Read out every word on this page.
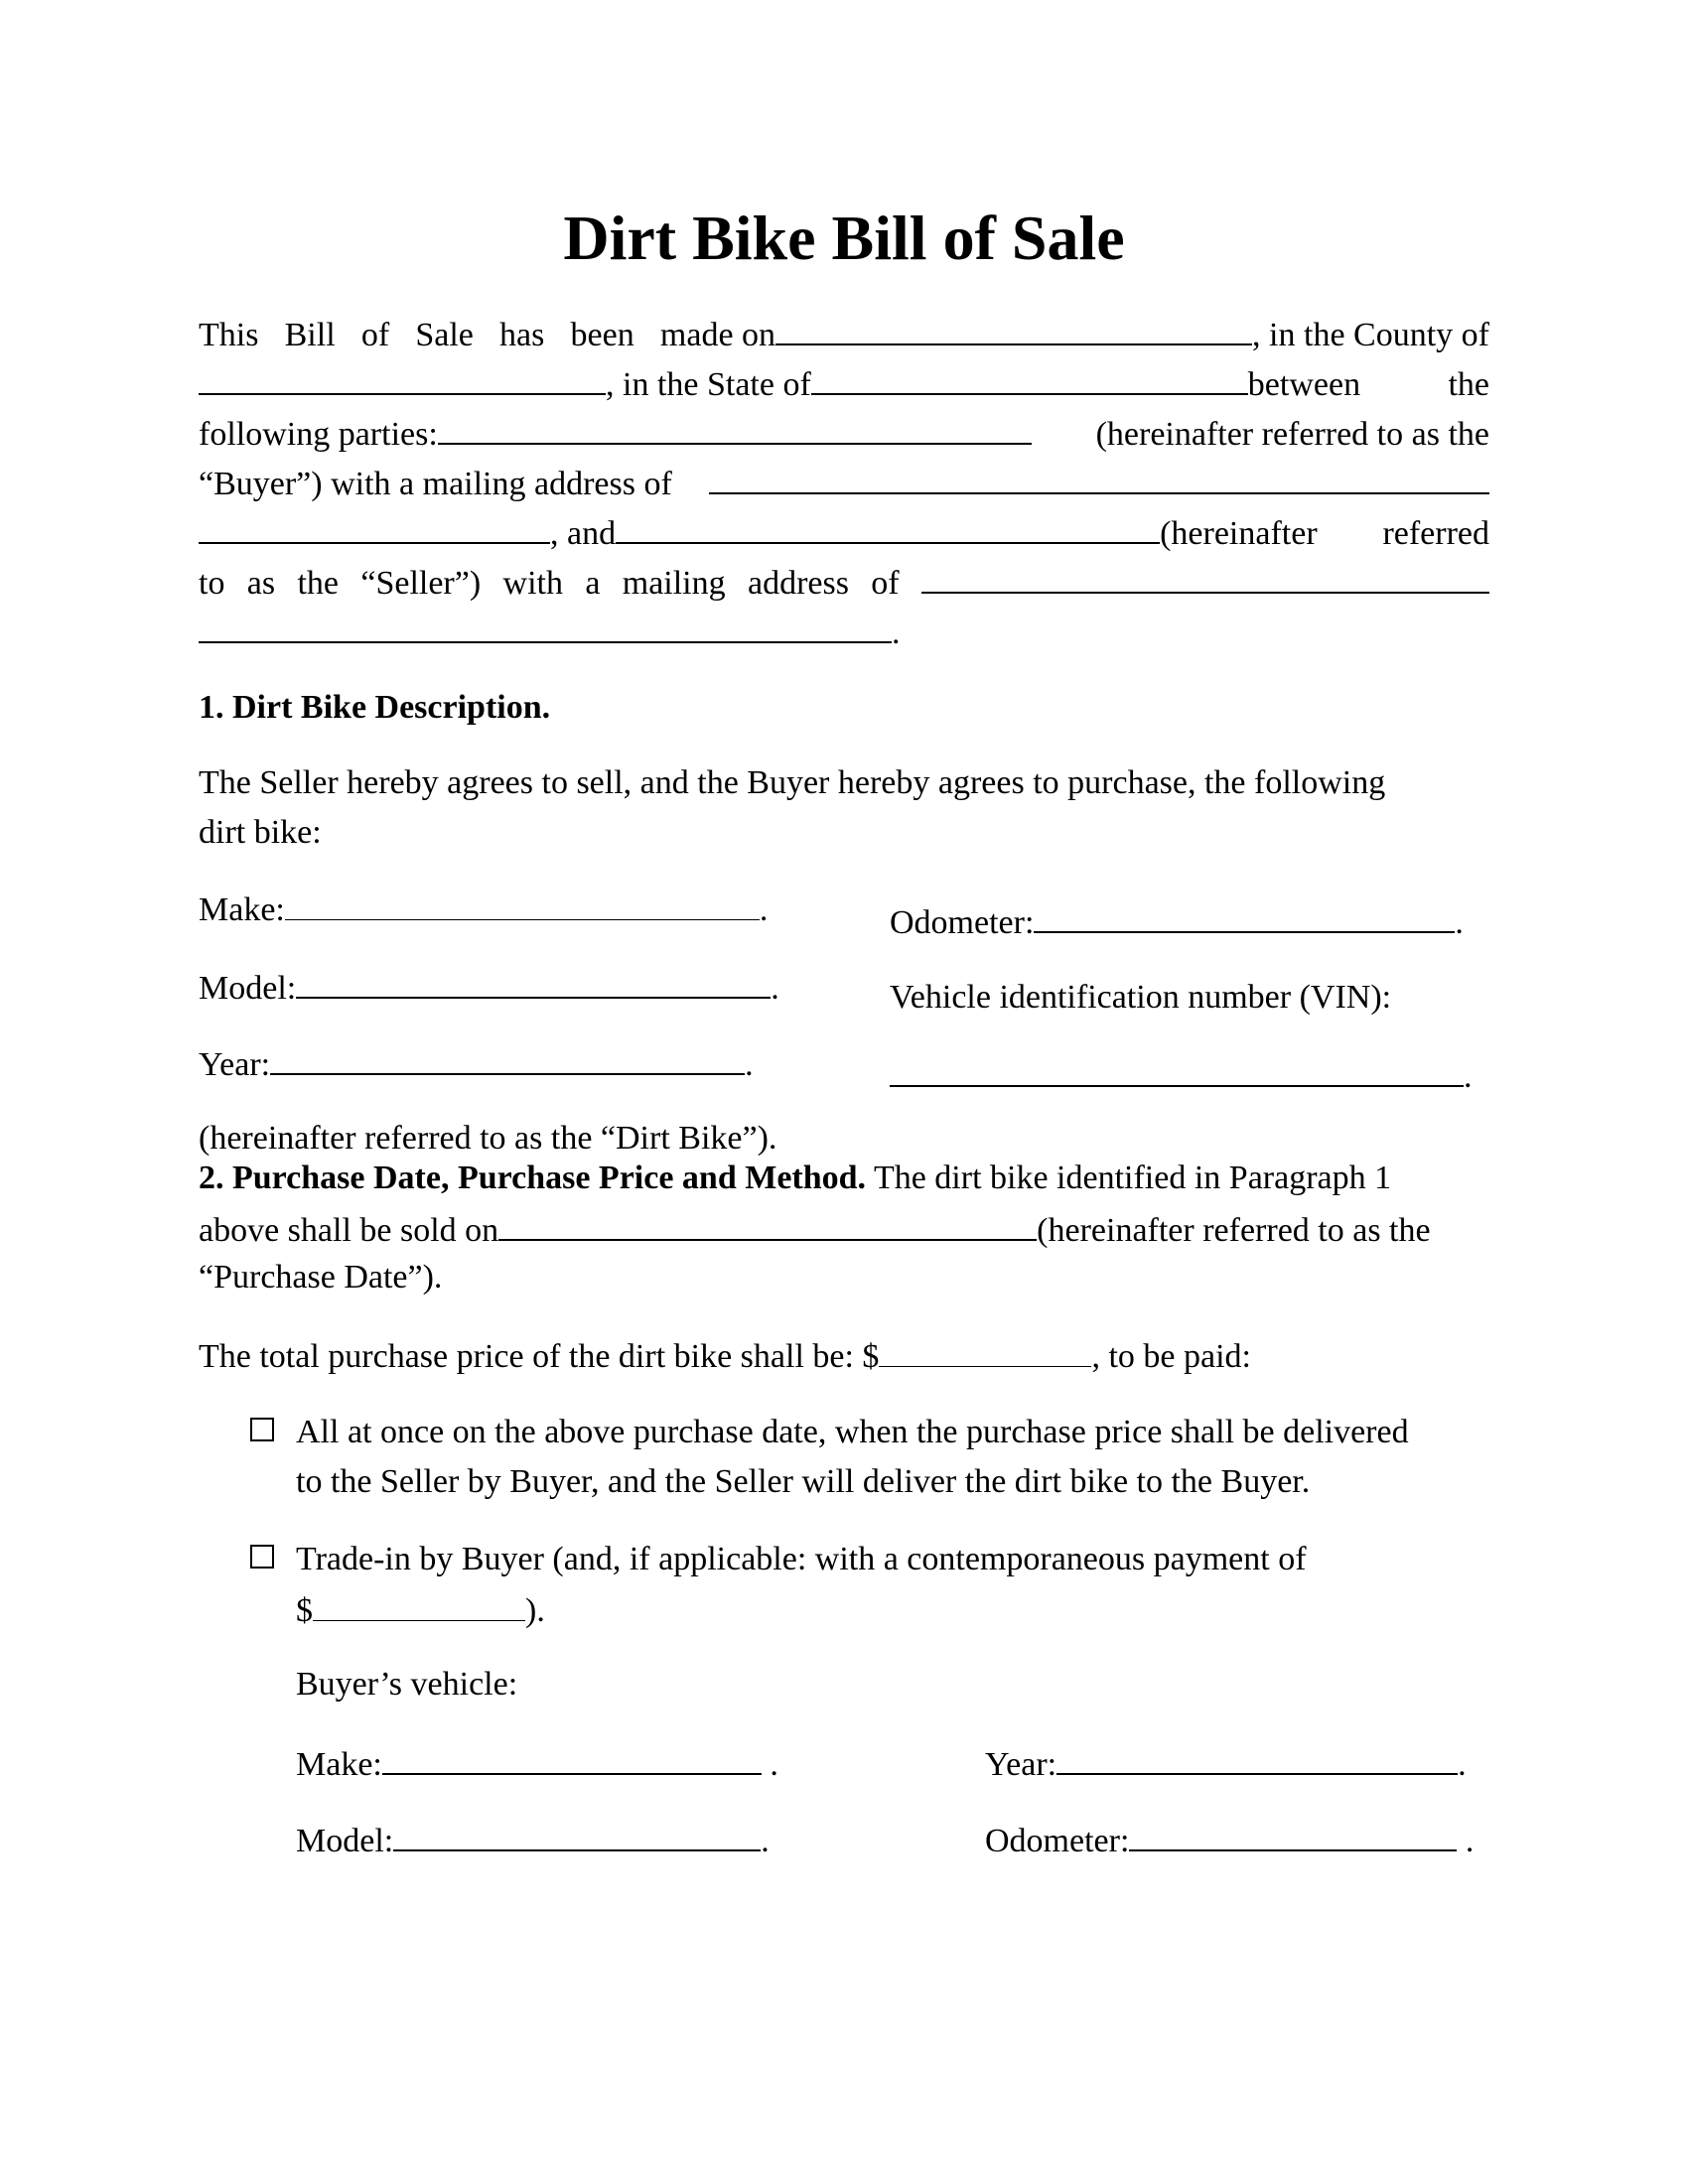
Dirt Bike Bill of Sale
This Bill of Sale has been made on	, in the County of
, in the State of	between	the
following parties:	(hereinafter referred to as the
“Buyer”) with a mailing address of
, and	(hereinafter referred
to as the “Seller”) with a mailing address of
.
1. Dirt Bike Description.
The Seller hereby agrees to sell, and the Buyer hereby agrees to purchase, the following
dirt bike:
Make:	.
Model:	.
Year:	.
Odometer:	.
Vehicle identification number (VIN):
.
(hereinafter referred to as the “Dirt Bike”).
2. Purchase Date, Purchase Price and Method. The dirt bike identified in Paragraph 1
above shall be sold on	(hereinafter referred to as the
“Purchase Date”).
The total purchase price of the dirt bike shall be: $	, to be paid:
All at once on the above purchase date, when the purchase price shall be delivered
to the Seller by Buyer, and the Seller will deliver the dirt bike to the Buyer.
Trade-in by Buyer (and, if applicable: with a contemporaneous payment of
$	).
Buyer’s vehicle:
Make:	.
Model:	.
Year:	.
Odometer:	.
